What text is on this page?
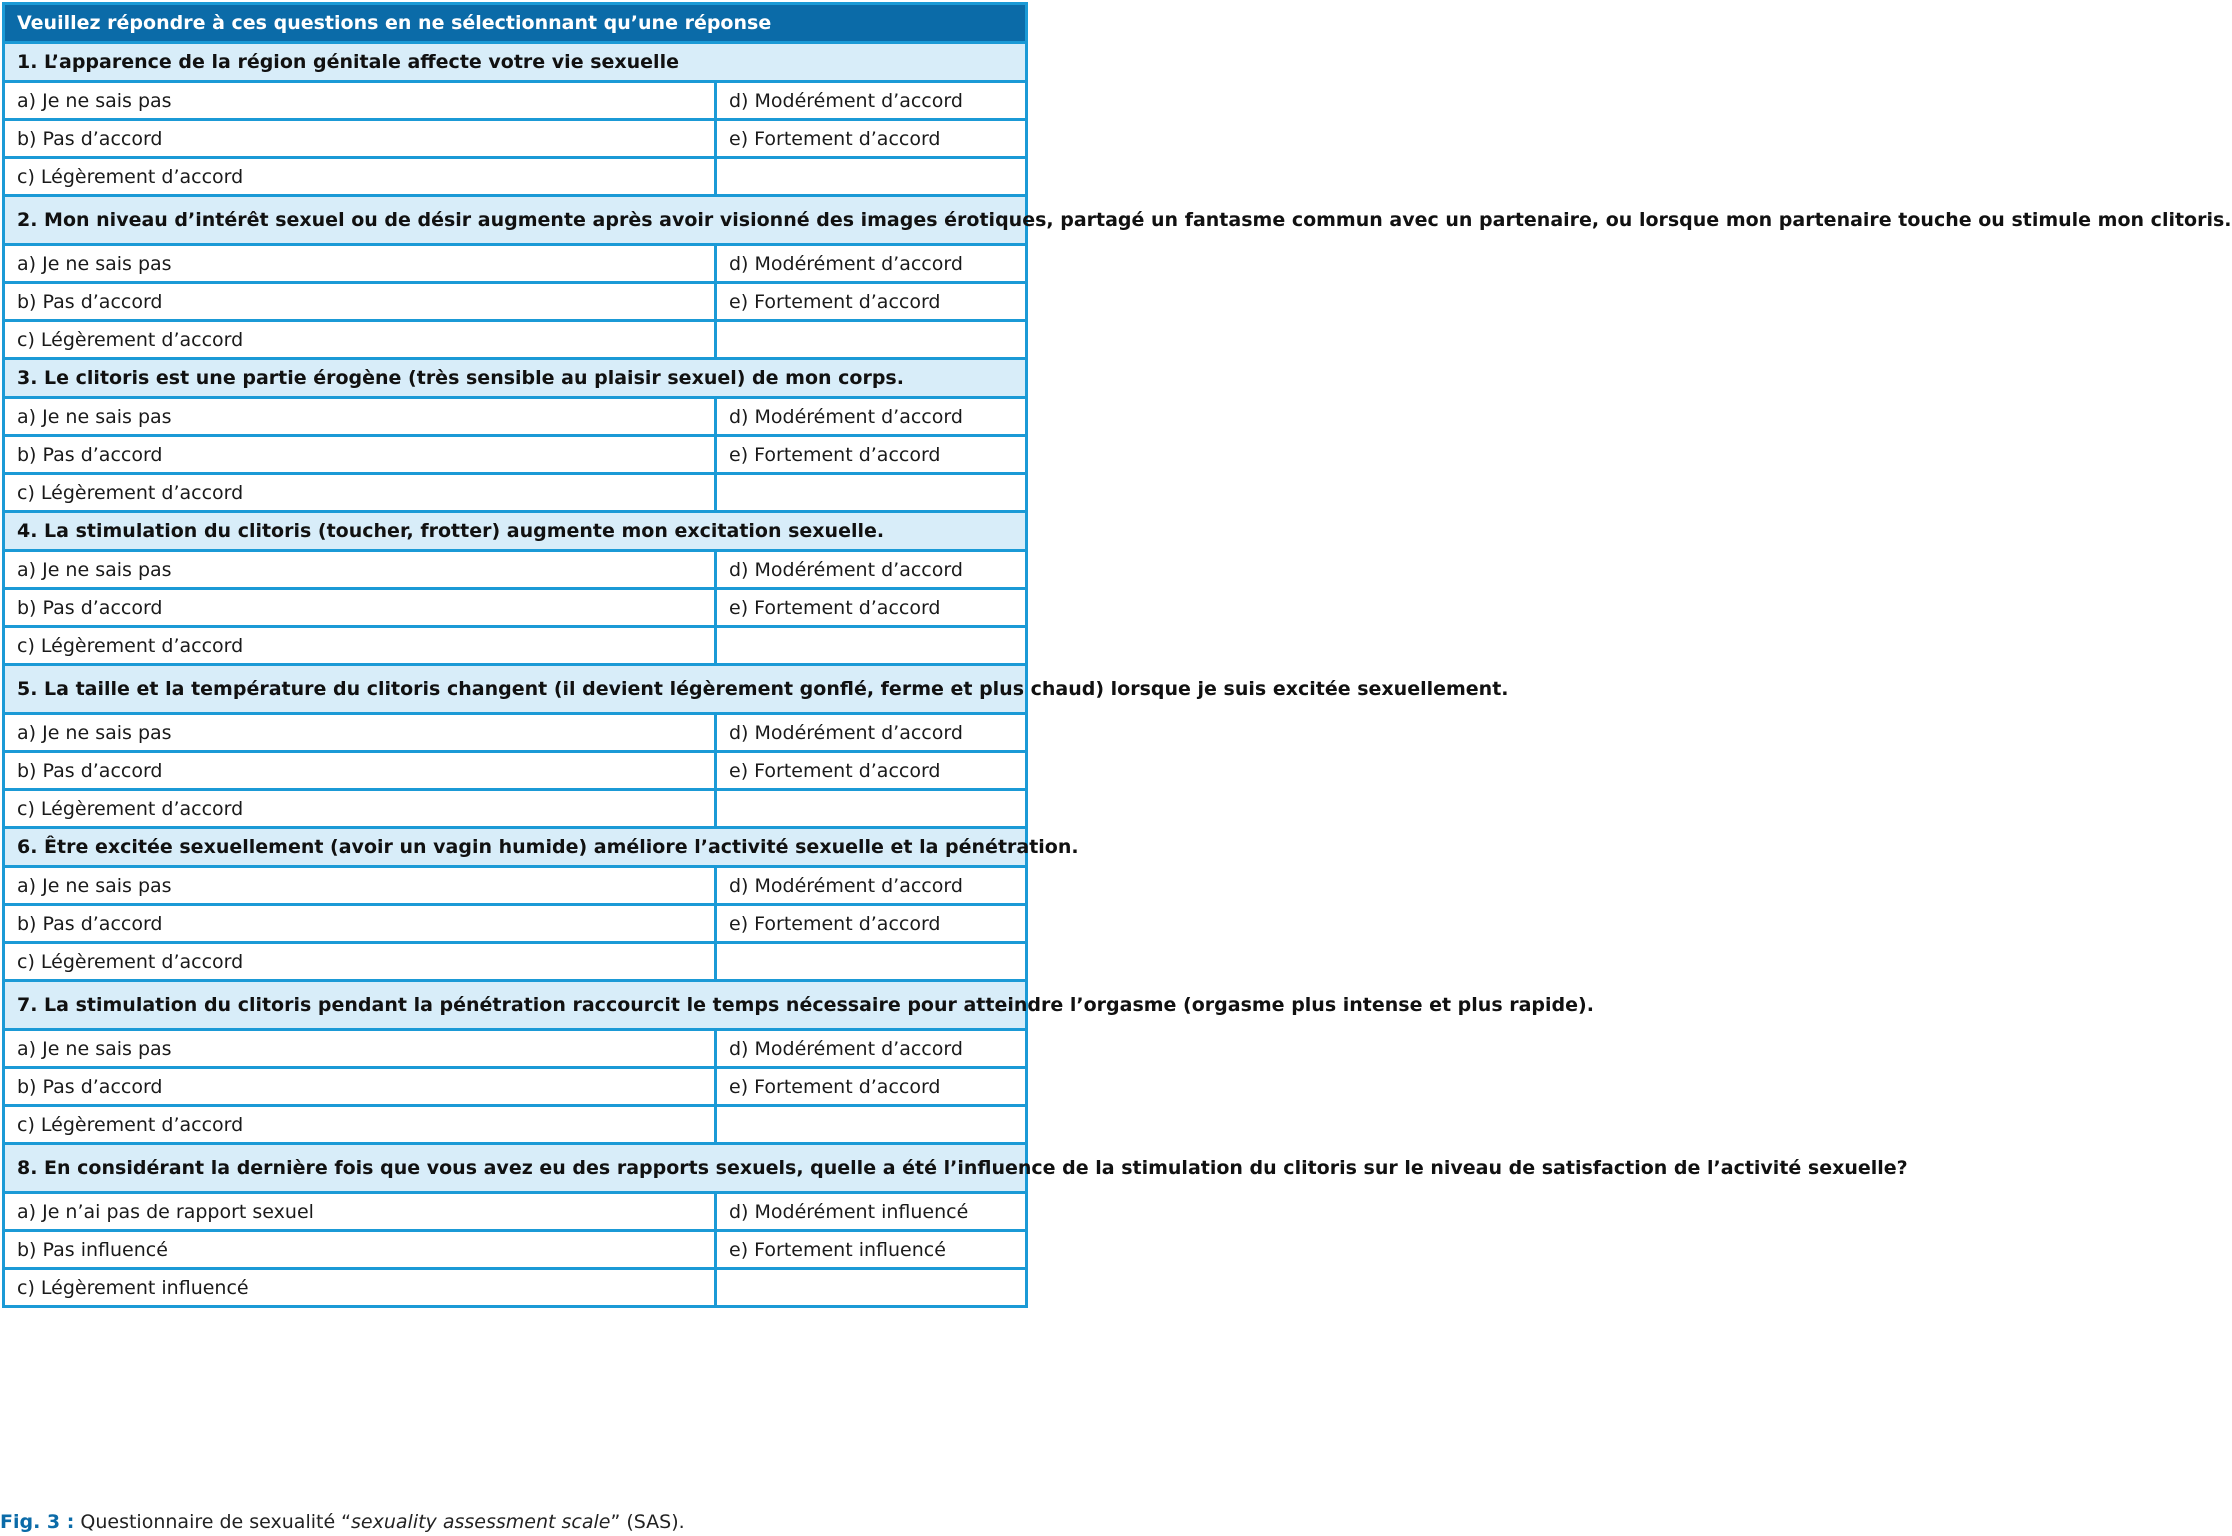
Veuillez répondre à ces questions en ne sélectionnant qu’une réponse	
1. L’apparence de la région génitale affecte votre vie sexuelle	
a) Je ne sais pas	d) Modérément d’accord
b) Pas d’accord	e) Fortement d’accord
c) Légèrement d’accord	
2. Mon niveau d’intérêt sexuel ou de désir augmente après avoir visionné des images érotiques, partagé un fantasme commun avec un partenaire, ou lorsque mon partenaire touche ou stimule mon clitoris.	
a) Je ne sais pas	d) Modérément d’accord
b) Pas d’accord	e) Fortement d’accord
c) Légèrement d’accord	
3. Le clitoris est une partie érogène (très sensible au plaisir sexuel) de mon corps.	
a) Je ne sais pas	d) Modérément d’accord
b) Pas d’accord	e) Fortement d’accord
c) Légèrement d’accord	
4. La stimulation du clitoris (toucher, frotter) augmente mon excitation sexuelle.	
a) Je ne sais pas	d) Modérément d’accord
b) Pas d’accord	e) Fortement d’accord
c) Légèrement d’accord	
5. La taille et la température du clitoris changent (il devient légèrement gonflé, ferme et plus chaud) lorsque je suis excitée sexuellement.	
a) Je ne sais pas	d) Modérément d’accord
b) Pas d’accord	e) Fortement d’accord
c) Légèrement d’accord	
6. Être excitée sexuellement (avoir un vagin humide) améliore l’activité sexuelle et la pénétration.	
a) Je ne sais pas	d) Modérément d’accord
b) Pas d’accord	e) Fortement d’accord
c) Légèrement d’accord	
7. La stimulation du clitoris pendant la pénétration raccourcit le temps nécessaire pour atteindre l’orgasme (orgasme plus intense et plus rapide).	
a) Je ne sais pas	d) Modérément d’accord
b) Pas d’accord	e) Fortement d’accord
c) Légèrement d’accord	
8. En considérant la dernière fois que vous avez eu des rapports sexuels, quelle a été l’influence de la stimulation du clitoris sur le niveau de satisfaction de l’activité sexuelle?	
a) Je n’ai pas de rapport sexuel	d) Modérément influencé
b) Pas influencé	e) Fortement influencé
c) Légèrement influencé	
Fig. 3 : Questionnaire de sexualité “sexuality assessment scale” (SAS).
